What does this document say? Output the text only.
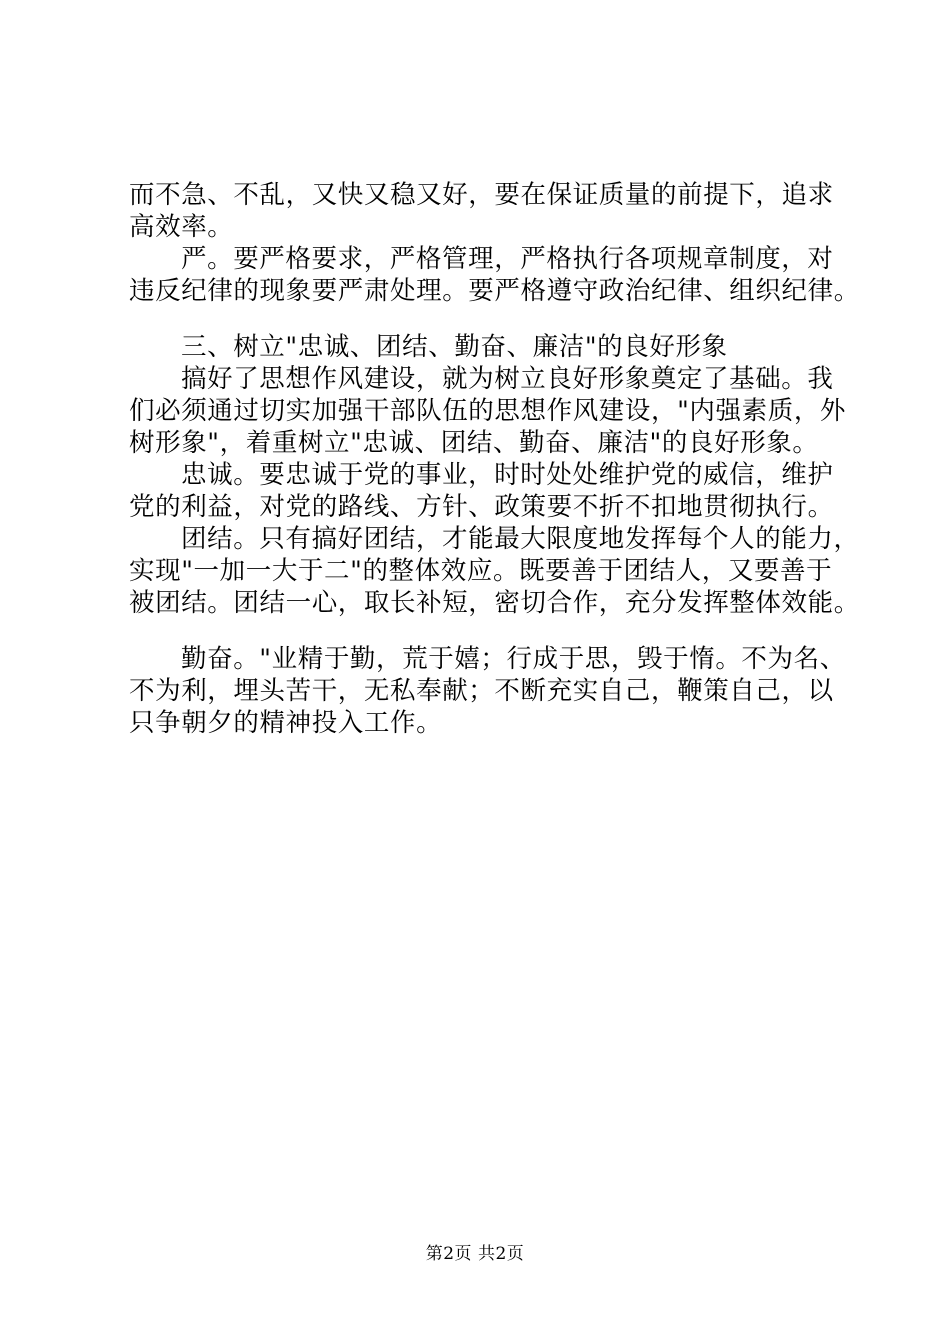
而不急、不乱，又快又稳又好，要在保证质量的前提下，追求
高效率。
严。要严格要求，严格管理，严格执行各项规章制度，对
违反纪律的现象要严肃处理。要严格遵守政治纪律、组织纪律。
三、树立"忠诚、团结、勤奋、廉洁"的良好形象
搞好了思想作风建设，就为树立良好形象奠定了基础。我
们必须通过切实加强干部队伍的思想作风建设，"内强素质，外
树形象"，着重树立"忠诚、团结、勤奋、廉洁"的良好形象。
忠诚。要忠诚于党的事业，时时处处维护党的威信，维护
党的利益，对党的路线、方针、政策要不折不扣地贯彻执行。
团结。只有搞好团结，才能最大限度地发挥每个人的能力，
实现"一加一大于二"的整体效应。既要善于团结人，又要善于
被团结。团结一心，取长补短，密切合作，充分发挥整体效能。
勤奋。"业精于勤，荒于嬉；行成于思，毁于惰。不为名、
不为利，埋头苦干，无私奉献；不断充实自己，鞭策自己，以
只争朝夕的精神投入工作。
第2页 共2页
